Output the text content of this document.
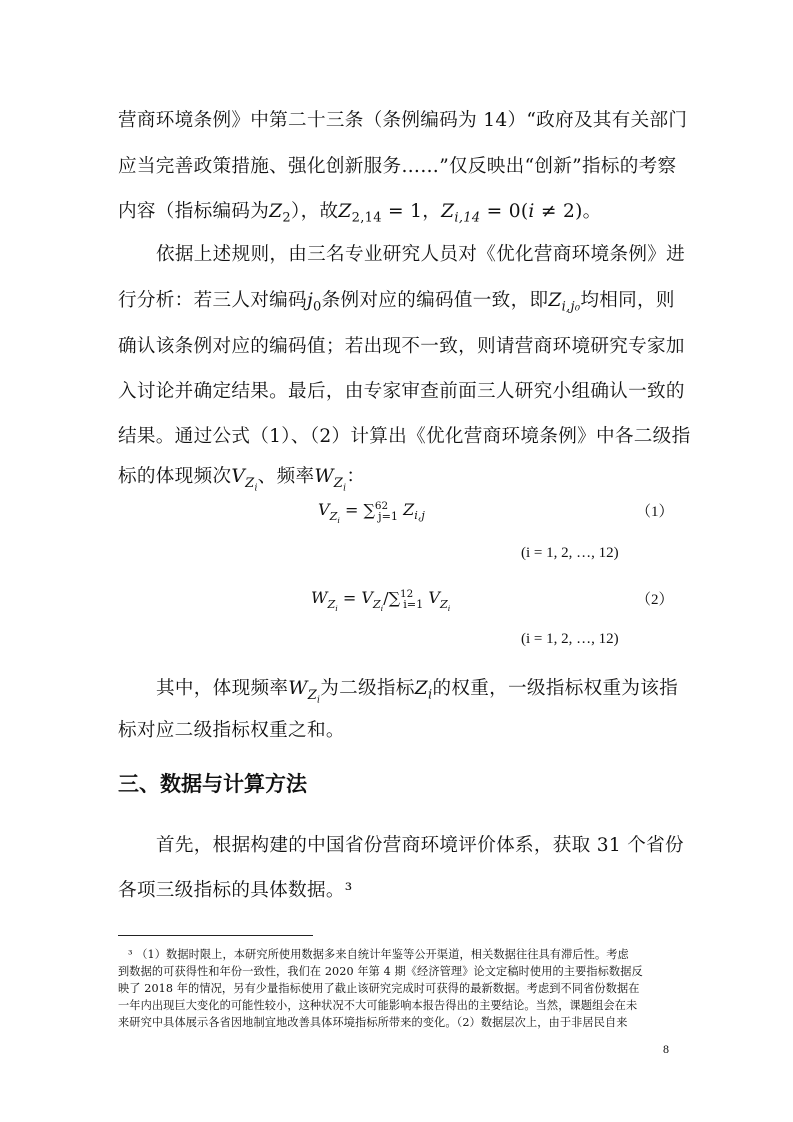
营商环境条例》中第二十三条（条例编码为 14）“政府及其有关部门
应当完善政策措施、强化创新服务……”仅反映出“创新”指标的考察
内容（指标编码为$Z_2$），故$Z_{2,14} = 1$，$Z_{i,14} = 0(i \ne 2)$。
依据上述规则，由三名专业研究人员对《优化营商环境条例》进
行分析：若三人对编码$j_0$条例对应的编码值一致，即$Z_{i,j_0}$均相同，则
确认该条例对应的编码值；若出现不一致，则请营商环境研究专家加
入讨论并确定结果。最后，由专家审查前面三人研究小组确认一致的
结果。通过公式（1）、（2）计算出《优化营商环境条例》中各二级指
标的体现频次$V_{Z_i}$、频率$W_{Z_i}$：
$V_{Z_i} = \sum^{62}_{j=1}$ $Z_{i,j}$	（1）
(i = 1, 2, …, 12)
$W_{Z_i} = V_{Z_i}/\sum^{12}_{i=1}$ $V_{Z_i}$
（2）
(i = 1, 2, …, 12)
其中，体现频率$W_{Z_i}$为二级指标$Z_i$的权重，一级指标权重为该指
标对应二级指标权重之和。
三、数据与计算方法
首先，根据构建的中国省份营商环境评价体系，获取 31 个省份
各项三级指标的具体数据。³
³ （1）数据时限上，本研究所使用数据多来自统计年鉴等公开渠道，相关数据往往具有滞后性。考虑
到数据的可获得性和年份一致性，我们在 2020 年第 4 期《经济管理》论文定稿时使用的主要指标数据反
映了 2018 年的情况，另有少量指标使用了截止该研究完成时可获得的最新数据。考虑到不同省份数据在
一年内出现巨大变化的可能性较小，这种状况不大可能影响本报告得出的主要结论。当然，课题组会在未
来研究中具体展示各省因地制宜地改善具体环境指标所带来的变化。（2）数据层次上，由于非居民自来
8
